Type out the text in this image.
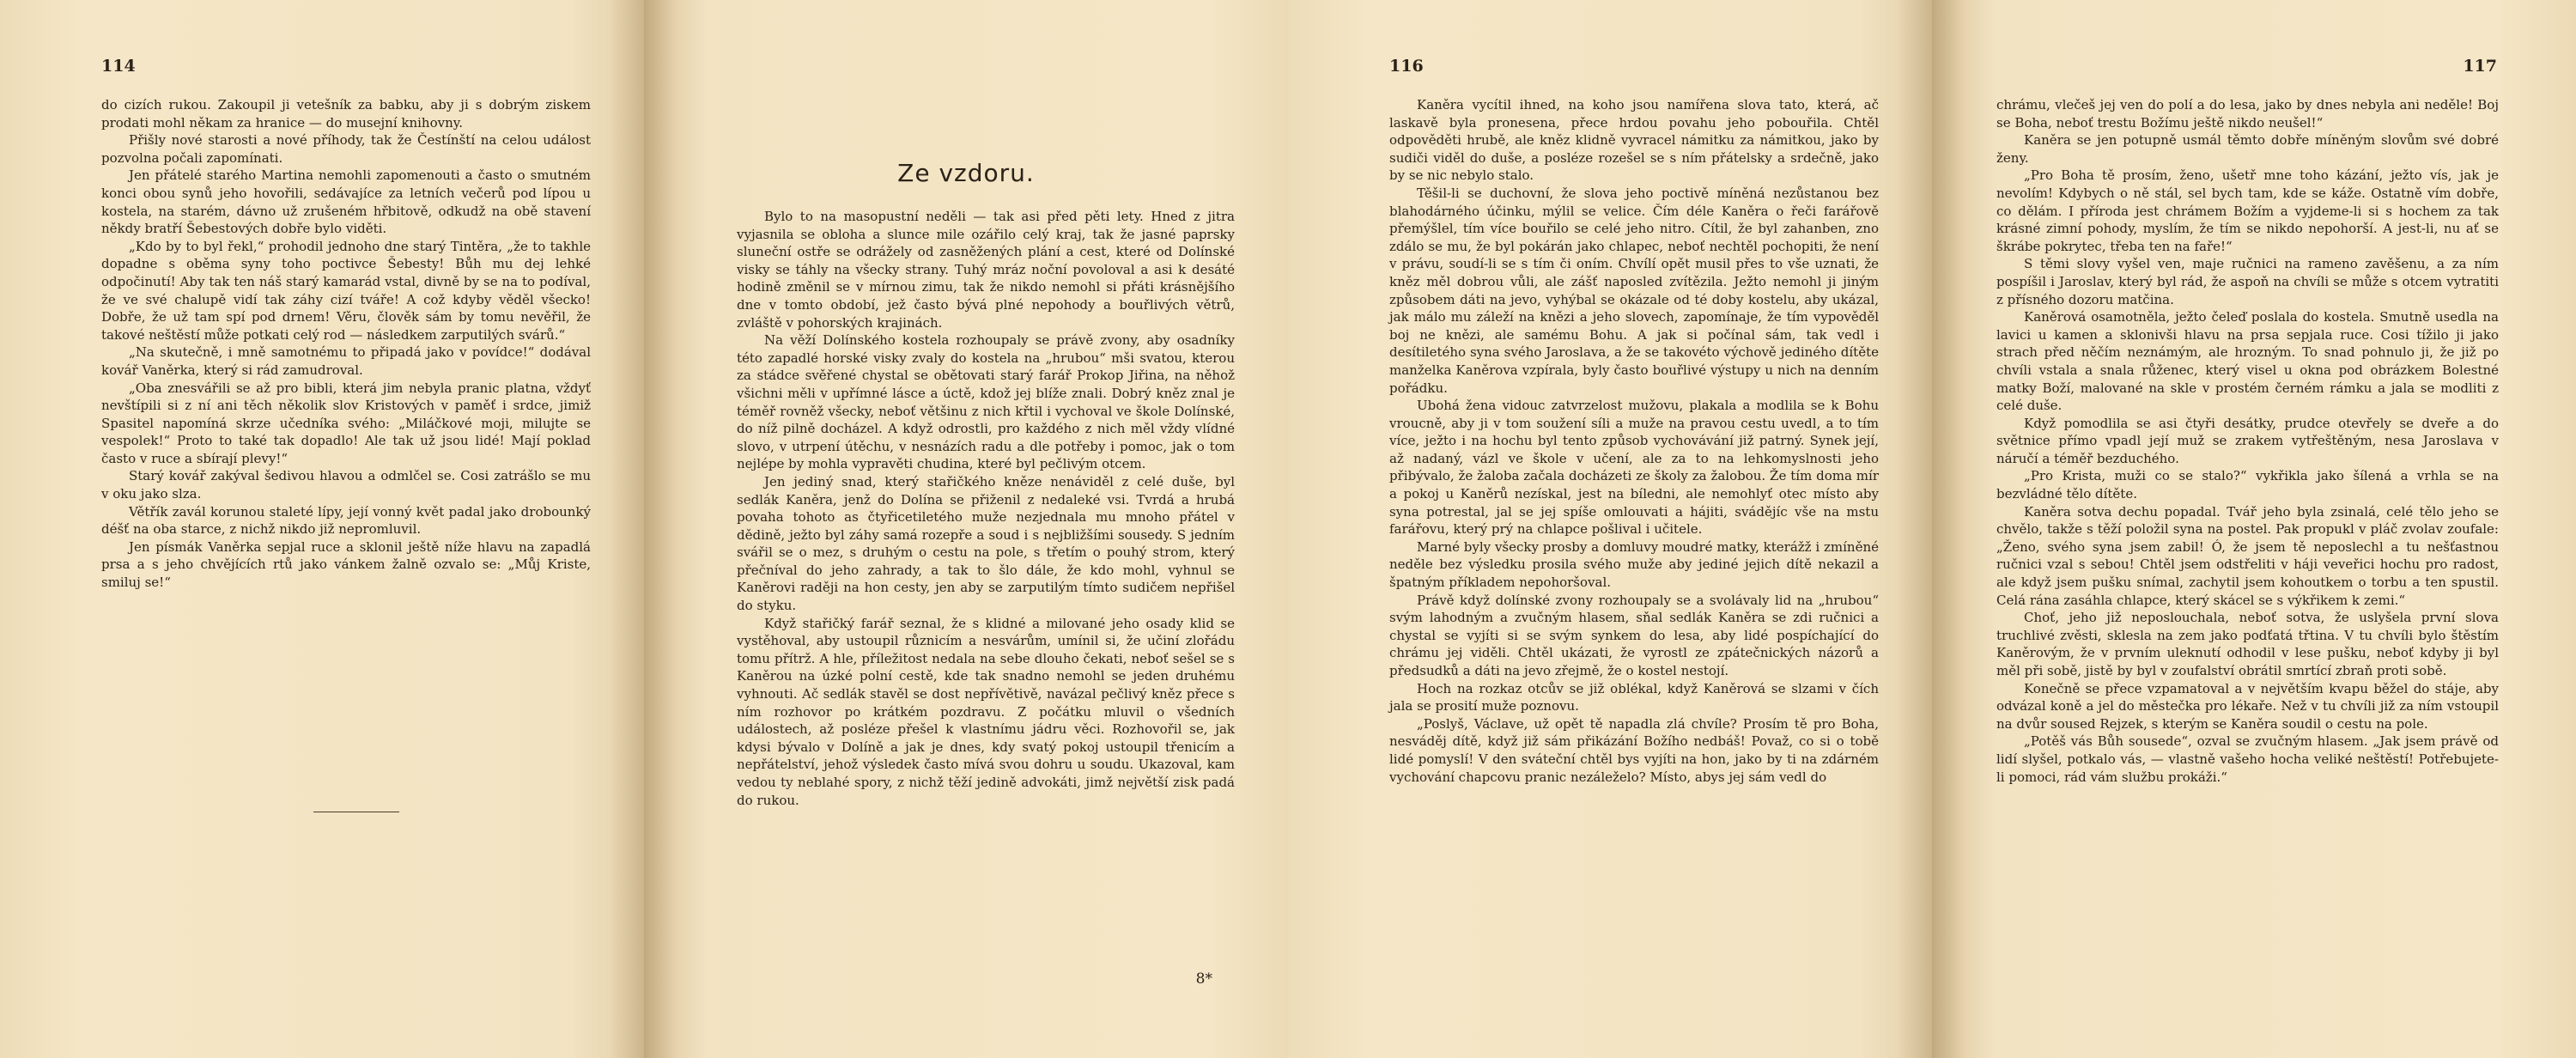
114

do cizích rukou. Zakoupil ji vetešník za babku, aby ji s dobrým ziskem prodati mohl někam za hranice — do musejní knihovny.

Přišly nové starosti a nové příhody, tak že Čestínští na celou událost pozvolna počali zapomínati.

Jen přátelé starého Martina nemohli zapomenouti a často o smutném konci obou synů jeho hovořili, sedávajíce za letních večerů pod lípou u kostela, na starém, dávno už zrušeném hřbitově, odkudž na obě stavení někdy bratří Šebestových dobře bylo viděti.

„Kdo by to byl řekl,“ prohodil jednoho dne starý Tintěra, „že to takhle dopadne s oběma syny toho poctivce Šebesty! Bůh mu dej lehké odpočinutí! Aby tak ten náš starý kamarád vstal, divně by se na to podíval, že ve své chalupě vidí tak záhy cizí tváře! A což kdyby věděl všecko! Dobře, že už tam spí pod drnem! Věru, člověk sám by tomu nevěřil, že takové neštěstí může potkati celý rod — následkem zarputilých svárů.“

„Na skutečně, i mně samotnému to připadá jako v povídce!“ dodával kovář Vaněrka, který si rád zamudroval.

„Oba znesvářili se až pro bibli, která jim nebyla pranic platna, vždyť nevštípili si z ní ani těch několik slov Kristových v paměť i srdce, jimiž Spasitel napomíná skrze učedníka svého: „Miláčkové moji, milujte se vespolek!“ Proto to také tak dopadlo! Ale tak už jsou lidé! Mají poklad často v ruce a sbírají plevy!“

Starý kovář zakýval šedivou hlavou a odmlčel se. Cosi zatrášlo se mu v oku jako slza.

Větřík zavál korunou staleté lípy, její vonný květ padal jako drobounký déšť na oba starce, z nichž nikdo již nepromluvil.

Jen písmák Vaněrka sepjal ruce a sklonil ještě níže hlavu na zapadlá prsa a s jeho chvějících rtů jako vánkem žalně ozvalo se: „Můj Kriste, smiluj se!“

Ze vzdoru.

Bylo to na masopustní neděli — tak asi před pěti lety. Hned z jitra vyjasnila se obloha a slunce mile ozářilo celý kraj, tak že jasné paprsky sluneční ostře se odrážely od zasněžených plání a cest, které od Dolínské visky se táhly na všecky strany. Tuhý mráz noční povoloval a asi k desáté hodině změnil se v mírnou zimu, tak že nikdo nemohl si přáti krásnějšího dne v tomto období, jež často bývá plné nepohody a bouřlivých větrů, zvláště v pohorských krajinách.

Na věží Dolínského kostela rozhoupaly se právě zvony, aby osadníky této zapadlé horské visky zvaly do kostela na „hrubou“ mši svatou, kterou za stádce svěřené chystal se obětovati starý farář Prokop Jiřina, na něhož všichni měli v upřímné lásce a úctě, kdož jej blíže znali. Dobrý kněz znal je téměř rovněž všecky, neboť většinu z nich křtil i vychoval ve škole Dolínské, do níž pilně docházel. A když odrostli, pro každého z nich měl vždy vlídné slovo, v utrpení útěchu, v nesnázích radu a dle potřeby i pomoc, jak o tom nejlépe by mohla vypravěti chudina, které byl pečlivým otcem.

Jen jediný snad, který stařičkého kněze nenáviděl z celé duše, byl sedlák Kaněra, jenž do Dolína se přiženil z nedaleké vsi. Tvrdá a hrubá povaha tohoto as čtyřicetiletého muže nezjednala mu mnoho přátel v dědině, ježto byl záhy samá rozepře a soud i s nejbližšími sousedy. S jedním svářil se o mez, s druhým o cestu na pole, s třetím o pouhý strom, který přečníval do jeho zahrady, a tak to šlo dále, že kdo mohl, vyhnul se Kaněrovi raději na hon cesty, jen aby se zarputilým tímto sudičem nepřišel do styku.

Když stařičký farář seznal, že s klidné a milované jeho osady klid se vystěhoval, aby ustoupil různicím a nesvárům, umínil si, že učiní zlořádu tomu přítrž. A hle, příležitost nedala na sebe dlouho čekati, neboť sešel se s Kaněrou na úzké polní cestě, kde tak snadno nemohl se jeden druhému vyhnouti. Ač sedlák stavěl se dost nepřívětivě, navázal pečlivý kněz přece s ním rozhovor po krátkém pozdravu. Z počátku mluvil o všedních událostech, až posléze přešel k vlastnímu jádru věci. Rozhovořil se, jak kdysi bývalo v Dolíně a jak je dnes, kdy svatý pokoj ustoupil třenicím a nepřátelství, jehož výsledek často mívá svou dohru u soudu. Ukazoval, kam vedou ty neblahé spory, z nichž těží jedině advokáti, jimž největší zisk padá do rukou.

8*
116

Kaněra vycítil ihned, na koho jsou namířena slova tato, která, ač laskavě byla pronesena, přece hrdou povahu jeho pobouřila. Chtěl odpověděti hrubě, ale kněz klidně vyvracel námitku za námitkou, jako by sudiči viděl do duše, a posléze rozešel se s ním přátelsky a srdečně, jako by se nic nebylo stalo.

Těšil-li se duchovní, že slova jeho poctivě míněná nezůstanou bez blahodárného účinku, mýlil se velice. Čím déle Kaněra o řeči farářově přemýšlel, tím více bouřilo se celé jeho nitro. Cítil, že byl zahanben, zno zdálo se mu, že byl pokárán jako chlapec, neboť nechtěl pochopiti, že není v právu, soudí-li se s tím či oním. Chvílí opět musil přes to vše uznati, že kněz měl dobrou vůli, ale zášť naposled zvítězila. Ježto nemohl ji jiným způsobem dáti na jevo, vyhýbal se okázale od té doby kostelu, aby ukázal, jak málo mu záleží na knězi a jeho slovech, zapomínaje, že tím vypověděl boj ne knězi, ale samému Bohu. A jak si počínal sám, tak vedl i desítiletého syna svého Jaroslava, a že se takovéto výchově jediného dítěte manželka Kaněrova vzpírala, byly často bouřlivé výstupy u nich na denním pořádku.

Ubohá žena vidouc zatvrzelost mužovu, plakala a modlila se k Bohu vroucně, aby ji v tom soužení síli a muže na pravou cestu uvedl, a to tím více, ježto i na hochu byl tento způsob vychovávání již patrný. Synek její, až nadaný, vázl ve škole v učení, ale za to na lehkomyslnosti jeho přibývalo, že žaloba začala docházeti ze školy za žalobou. Že tím doma mír a pokoj u Kaněrů nezískal, jest na bíledni, ale nemohlyť otec místo aby syna potrestal, jal se jej spíše omlouvati a hájiti, svádějíc vše na mstu farářovu, který prý na chlapce pošlival i učitele.

Marné byly všecky prosby a domluvy moudré matky, kterážž i zmíněné neděle bez výsledku prosila svého muže aby jediné jejich dítě nekazil a špatným příkladem nepohoršoval.

Právě když dolínské zvony rozhoupaly se a svolávaly lid na „hrubou“ svým lahodným a zvučným hlasem, sňal sedlák Kaněra se zdi ručnici a chystal se vyjíti si se svým synkem do lesa, aby lidé pospíchající do chrámu jej viděli. Chtěl ukázati, že vyrostl ze zpátečnických názorů a předsudků a dáti na jevo zřejmě, že o kostel nestojí.

Hoch na rozkaz otcův se již oblékal, když Kaněrová se slzami v čích jala se prosití muže poznovu.

„Poslyš, Václave, už opět tě napadla zlá chvíle? Prosím tě pro Boha, nesváděj dítě, když již sám přikázání Božího nedbáš! Považ, co si o tobě lidé pomyslí! V den sváteční chtěl bys vyjíti na hon, jako by ti na zdárném vychování chapcovu pranic nezáleželo? Místo, abys jej sám vedl do

117

chrámu, vlečeš jej ven do polí a do lesa, jako by dnes nebyla ani neděle! Boj se Boha, neboť trestu Božímu ještě nikdo neušel!“

Kaněra se jen potupně usmál těmto dobře míněným slovům své dobré ženy.

„Pro Boha tě prosím, ženo, ušetř mne toho kázání, ježto vís, jak je nevolím! Kdybych o ně stál, sel bych tam, kde se káže. Ostatně vím dobře, co dělám. I příroda jest chrámem Božím a vyjdeme-li si s hochem za tak krásné zimní pohody, myslím, že tím se nikdo nepohorší. A jest-li, nu ať se škrábe pokrytec, třeba ten na faře!“

S těmi slovy vyšel ven, maje ručnici na rameno zavěšenu, a za ním pospíšil i Jaroslav, který byl rád, že aspoň na chvíli se může s otcem vytratiti z přísného dozoru matčina.

Kaněrová osamotněla, ježto čeleď poslala do kostela. Smutně usedla na lavici u kamen a sklonivši hlavu na prsa sepjala ruce. Cosi tížilo ji jako strach před něčím neznámým, ale hrozným. To snad pohnulo ji, že již po chvíli vstala a snala růženec, který visel u okna pod obrázkem Bolestné matky Boží, malované na skle v prostém černém rámku a jala se modliti z celé duše.

Když pomodlila se asi čtyři desátky, prudce otevřely se dveře a do světnice přímo vpadl její muž se zrakem vytřeštěným, nesa Jaroslava v náručí a téměř bezduchého.

„Pro Krista, muži co se stalo?“ vykřikla jako šílená a vrhla se na bezvládné tělo dítěte.

Kaněra sotva dechu popadal. Tvář jeho byla zsinalá, celé tělo jeho se chvělo, takže s těží položil syna na postel. Pak propukl v pláč zvolav zoufale: „Ženo, svého syna jsem zabil! Ó, že jsem tě neposlechl a tu nešťastnou ručnici vzal s sebou! Chtěl jsem odstřeliti v háji veveřici hochu pro radost, ale když jsem pušku snímal, zachytil jsem kohoutkem o torbu a ten spustil. Celá rána zasáhla chlapce, který skácel se s výkřikem k zemi.“

Choť, jeho již neposlouchala, neboť sotva, že uslyšela první slova truchlivé zvěsti, sklesla na zem jako podťatá třtina. V tu chvíli bylo štěstím Kaněrovým, že v prvním uleknutí odhodil v lese pušku, neboť kdyby ji byl měl při sobě, jistě by byl v zoufalství obrátil smrtící zbraň proti sobě.

Konečně se přece vzpamatoval a v největším kvapu běžel do stáje, aby odvázal koně a jel do městečka pro lékaře. Než v tu chvíli již za ním vstoupil na dvůr soused Rejzek, s kterým se Kaněra soudil o cestu na pole.

„Potěš vás Bůh sousede“, ozval se zvučným hlasem. „Jak jsem právě od lidí slyšel, potkalo vás, — vlastně vašeho hocha veliké neštěstí! Potřebujete-li pomoci, rád vám službu prokáži.“
